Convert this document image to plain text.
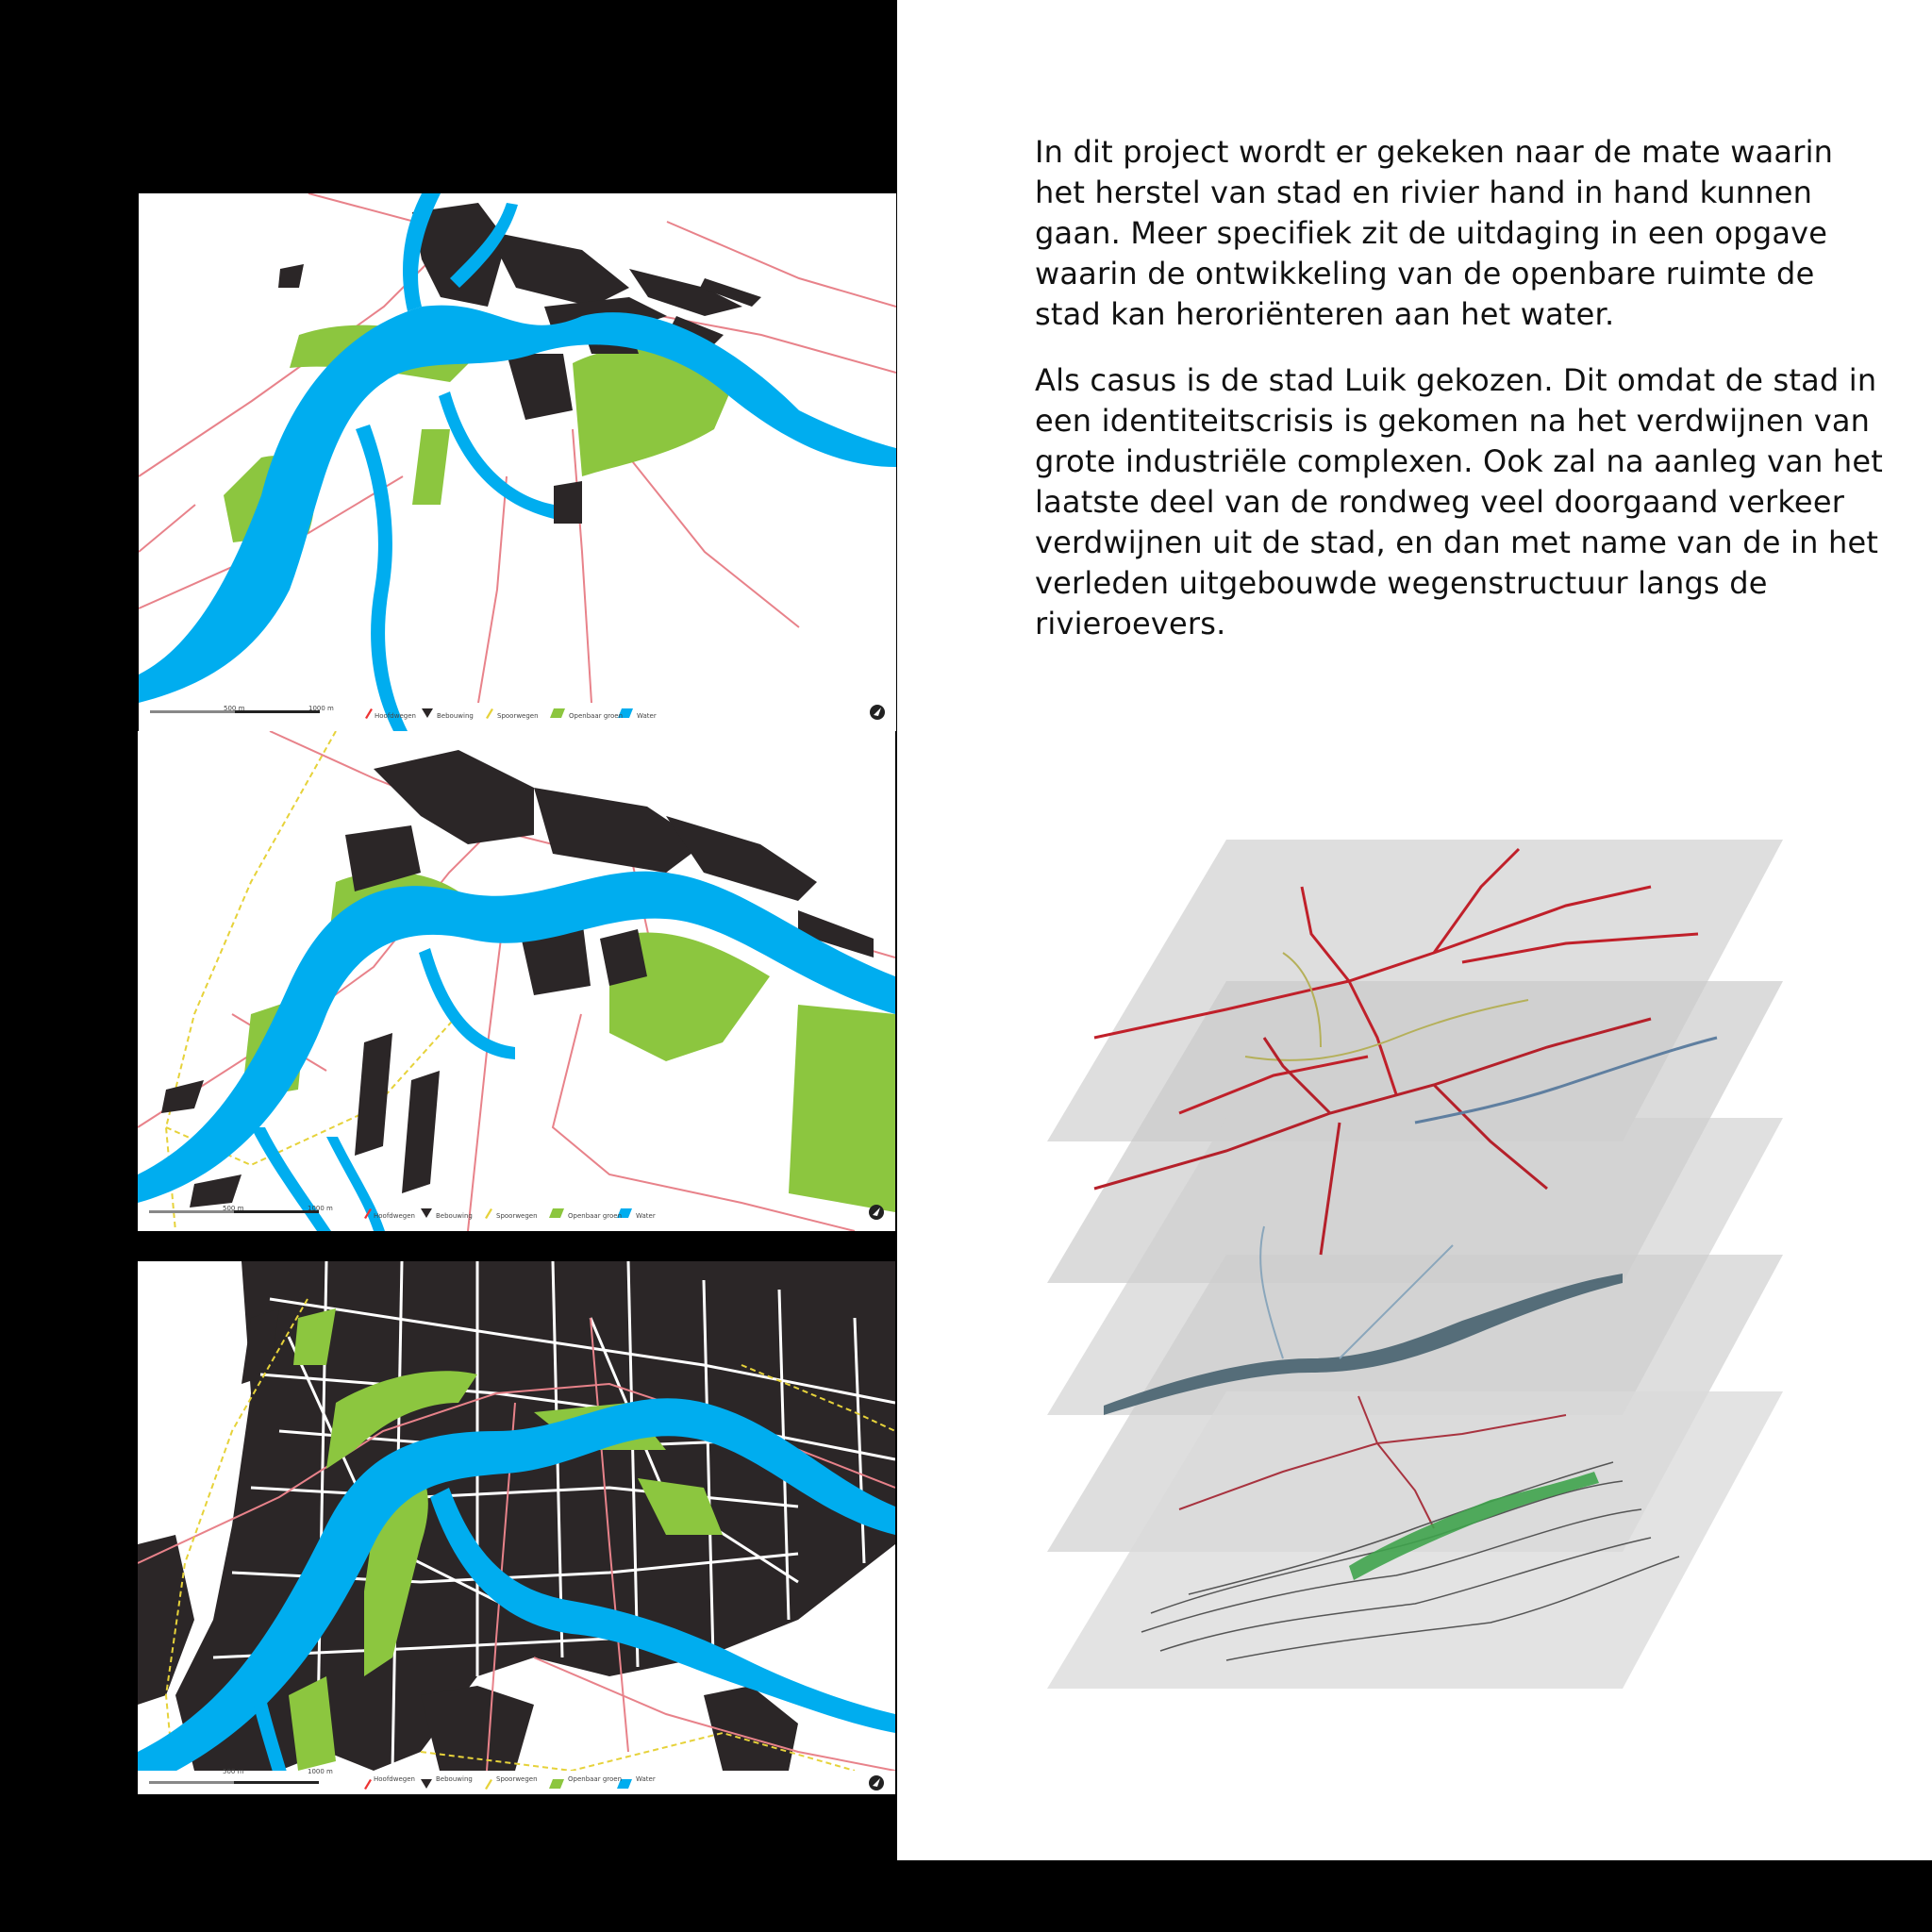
In dit project wordt er gekeken naar de mate waarin het herstel van stad en rivier hand in hand kunnen gaan. Meer specifiek zit de uitdaging in een opgave waarin de ontwikkeling van de openbare ruimte de stad kan heroriënteren aan het water.

Als casus is de stad Luik gekozen. Dit omdat de stad in een identiteitscrisis is gekomen na het verdwijnen van grote industriële complexen. Ook zal na aanleg van het laatste deel van de rondweg veel doorgaand verkeer verdwijnen uit de stad, en dan met name van de in het verleden uitgebouwde wegenstructuur langs de rivieroevers.

500 m	1000 m
Hoofdwegen	Bebouwing	Spoorwegen	Openbaar groen Water
500 m	1000 m
Hoofdwegen	Bebouwing	Spoorwegen	Openbaar groen Water
500 m	1000 m
Hoofdwegen	Bebouwing	Spoorwegen	Openbaar groen Water
